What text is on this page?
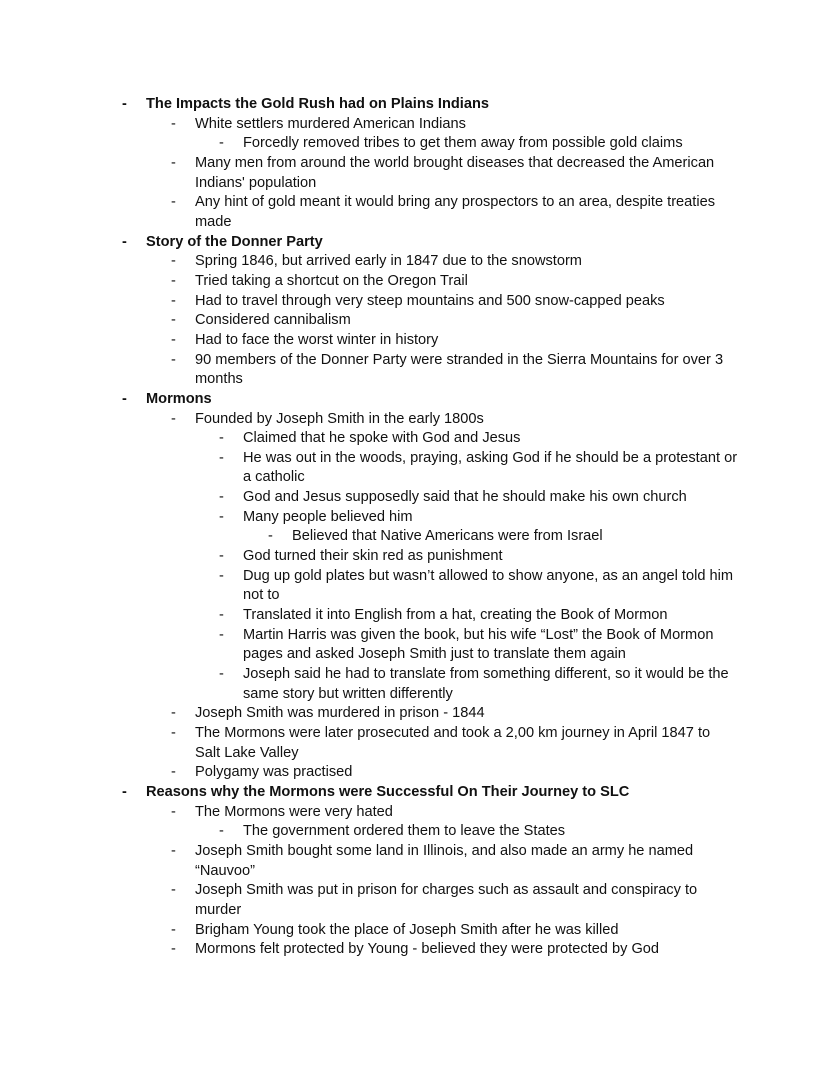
- The Impacts the Gold Rush had on Plains Indians
- White settlers murdered American Indians
- Forcedly removed tribes to get them away from possible gold claims
- Many men from around the world brought diseases that decreased the American Indians' population
- Any hint of gold meant it would bring any prospectors to an area, despite treaties made
- Story of the Donner Party
- Spring 1846, but arrived early in 1847 due to the snowstorm
- Tried taking a shortcut on the Oregon Trail
- Had to travel through very steep mountains and 500 snow-capped peaks
- Considered cannibalism
- Had to face the worst winter in history
- 90 members of the Donner Party were stranded in the Sierra Mountains for over 3 months
- Mormons
- Founded by Joseph Smith in the early 1800s
- Claimed that he spoke with God and Jesus
- He was out in the woods, praying, asking God if he should be a protestant or a catholic
- God and Jesus supposedly said that he should make his own church
- Many people believed him
- Believed that Native Americans were from Israel
- God turned their skin red as punishment
- Dug up gold plates but wasn’t allowed to show anyone, as an angel told him not to
- Translated it into English from a hat, creating the Book of Mormon
- Martin Harris was given the book, but his wife “Lost” the Book of Mormon pages and asked Joseph Smith just to translate them again
- Joseph said he had to translate from something different, so it would be the same story but written differently
- Joseph Smith was murdered in prison - 1844
- The Mormons were later prosecuted and took a 2,00 km journey in April 1847 to Salt Lake Valley
- Polygamy was practised
- Reasons why the Mormons were Successful On Their Journey to SLC
- The Mormons were very hated
- The government ordered them to leave the States
- Joseph Smith bought some land in Illinois, and also made an army he named “Nauvoo”
- Joseph Smith was put in prison for charges such as assault and conspiracy to murder
- Brigham Young took the place of Joseph Smith after he was killed
- Mormons felt protected by Young - believed they were protected by God
